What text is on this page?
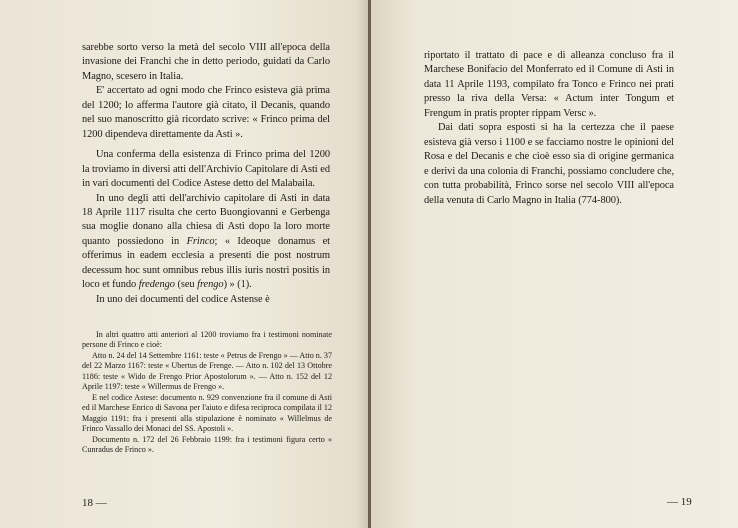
sarebbe sorto verso la metà del secolo VIII all'epoca della invasione dei Franchi che in detto periodo, guidati da Carlo Magno, scesero in Italia.

E' accertato ad ogni modo che Frinco esisteva già prima del 1200; lo afferma l'autore già citato, il Decanis, quando nel suo manoscritto già ricordato scrive: « Frinco prima del 1200 dipendeva direttamente da Asti ».

Una conferma della esistenza di Frinco prima del 1200 la troviamo in diversi atti dell'Archivio Capitolare di Asti ed in vari documenti del Codice Astese detto del Malabaila.

In uno degli atti dell'archivio capitolare di Asti in data 18 Aprile 1117 risulta che certo Buongiovanni e Gerbenga sua moglie donano alla chiesa di Asti dopo la loro morte quanto possiedono in Frinco; « Ideoque donamus et offerimus in eadem ecclesia a presenti die post nostrum decessum hoc sunt omnibus rebus illis iuris nostri positis in loco et fundo fredengo (seu frengo) » (1).

In uno dei documenti del codice Astense è

In altri quattro atti anteriori al 1200 troviamo fra i testimoni nominate persone di Frinco e cioè:

Atto n. 24 del 14 Settembre 1161: teste « Petrus de Frengo » — Atto n. 37 del 22 Marzo 1167: teste « Ubertus de Frenge. — Atto n. 102 del 13 Ottobre 1186: teste « Wido de Frengo Prior Apostolorum ». — Atto n. 152 del 12 Aprile 1197: teste « Willermus de Frengo ».

E nel codice Astese: documento n. 929 convenzione fra il comune di Asti ed il Marchese Enrico di Savona per l'aiuto e difesa reciproca compilata il 12 Maggio 1191: fra i presenti alla stipulazione è nominato « Willelmus de Frinco Vassallo dei Monaci del SS. Apostoli ».

Documento n. 172 del 26 Febbraio 1199: fra i testimoni figura certo « Cunradus de Frinco ».

18 —

riportato il trattato di pace e di alleanza concluso fra il Marchese Bonifacio del Monferrato ed il Comune di Asti in data 11 Aprile 1193, compilato fra Tonco e Frinco nei prati presso la riva della Versa: « Actum inter Tongum et Frengum in pratis propter rippam Versc ».

Dai dati sopra esposti si ha la certezza che il paese esisteva già verso i 1100 e se facciamo nostre le opinioni del Rosa e del Decanis e che cioè esso sia di origine germanica e derivi da una colonia di Franchi, possiamo concludere che, con tutta probabilità, Frinco sorse nel secolo VIII all'epoca della venuta di Carlo Magno in Italia (774-800).

— 19
